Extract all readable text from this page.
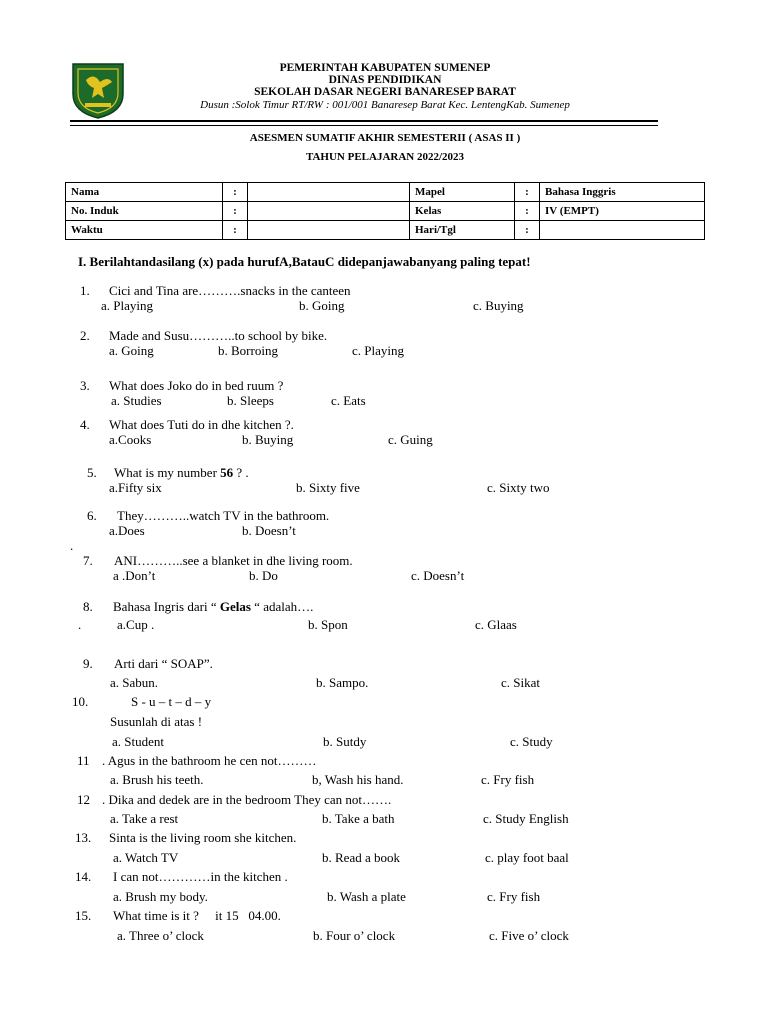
PEMERINTAH KABUPATEN SUMENEP
DINAS PENDIDIKAN
SEKOLAH DASAR NEGERI BANARESEP BARAT
Dusun :Solok Timur RT/RW : 001/001 Banaresep Barat Kec. LentengKab. Sumenep
ASESMEN SUMATIF AKHIR SEMESTERII ( ASAS II )
TAHUN PELAJARAN 2022/2023
Nama	:		Mapel	:	Bahasa Inggris
No. Induk	:		Kelas	:	IV (EMPT)
Waktu	:		Hari/Tgl	:	
I. Berilahtandasilang (x) pada hurufA,BatauC didepanjawabanyang paling tepat!
1. Cici and Tina are……….snacks in the canteen
a. Playing	b. Going	c. Buying
2. Made and Susu………..to school by bike.
a. Going	b. Borroing	c. Playing
3. What does Joko do in bed ruum ?
a. Studies	b. Sleeps	c. Eats
4. What does Tuti do in dhe kitchen ?.
a.Cooks	b. Buying	c. Guing
5. What is my number 56 ? .
a.Fifty six	b. Sixty five	c. Sixty two
6. They………..watch TV in the bathroom.
a.Does	b. Doesn’t
.
7. ANI………..see a blanket in dhe living room.
a .Don’t	b. Do	c. Doesn’t
8. Bahasa Ingris dari “ Gelas “ adalah….
.	a.Cup .	b. Spon	c. Glaas
9. Arti dari “ SOAP”.
a. Sabun.	b. Sampo.	c. Sikat
10.	S - u – t – d – y
Susunlah di atas !
a. Student	b. Sutdy	c. Study
11 . Agus in the bathroom he cen not………
a. Brush his teeth.	b, Wash his hand.	c. Fry fish
12 . Dika and dedek are in the bedroom They can not…….
a. Take a rest	b. Take a bath	c. Study English
13. Sinta is the living room she kitchen.
a. Watch TV	b. Read a book	c. play foot baal
14. I can not…………in the kitchen .
a. Brush my body.	b. Wash a plate	c. Fry fish
15. What time is it ?     it 15   04.00.
a. Three o’ clock	b. Four o’ clock	c. Five o’ clock
